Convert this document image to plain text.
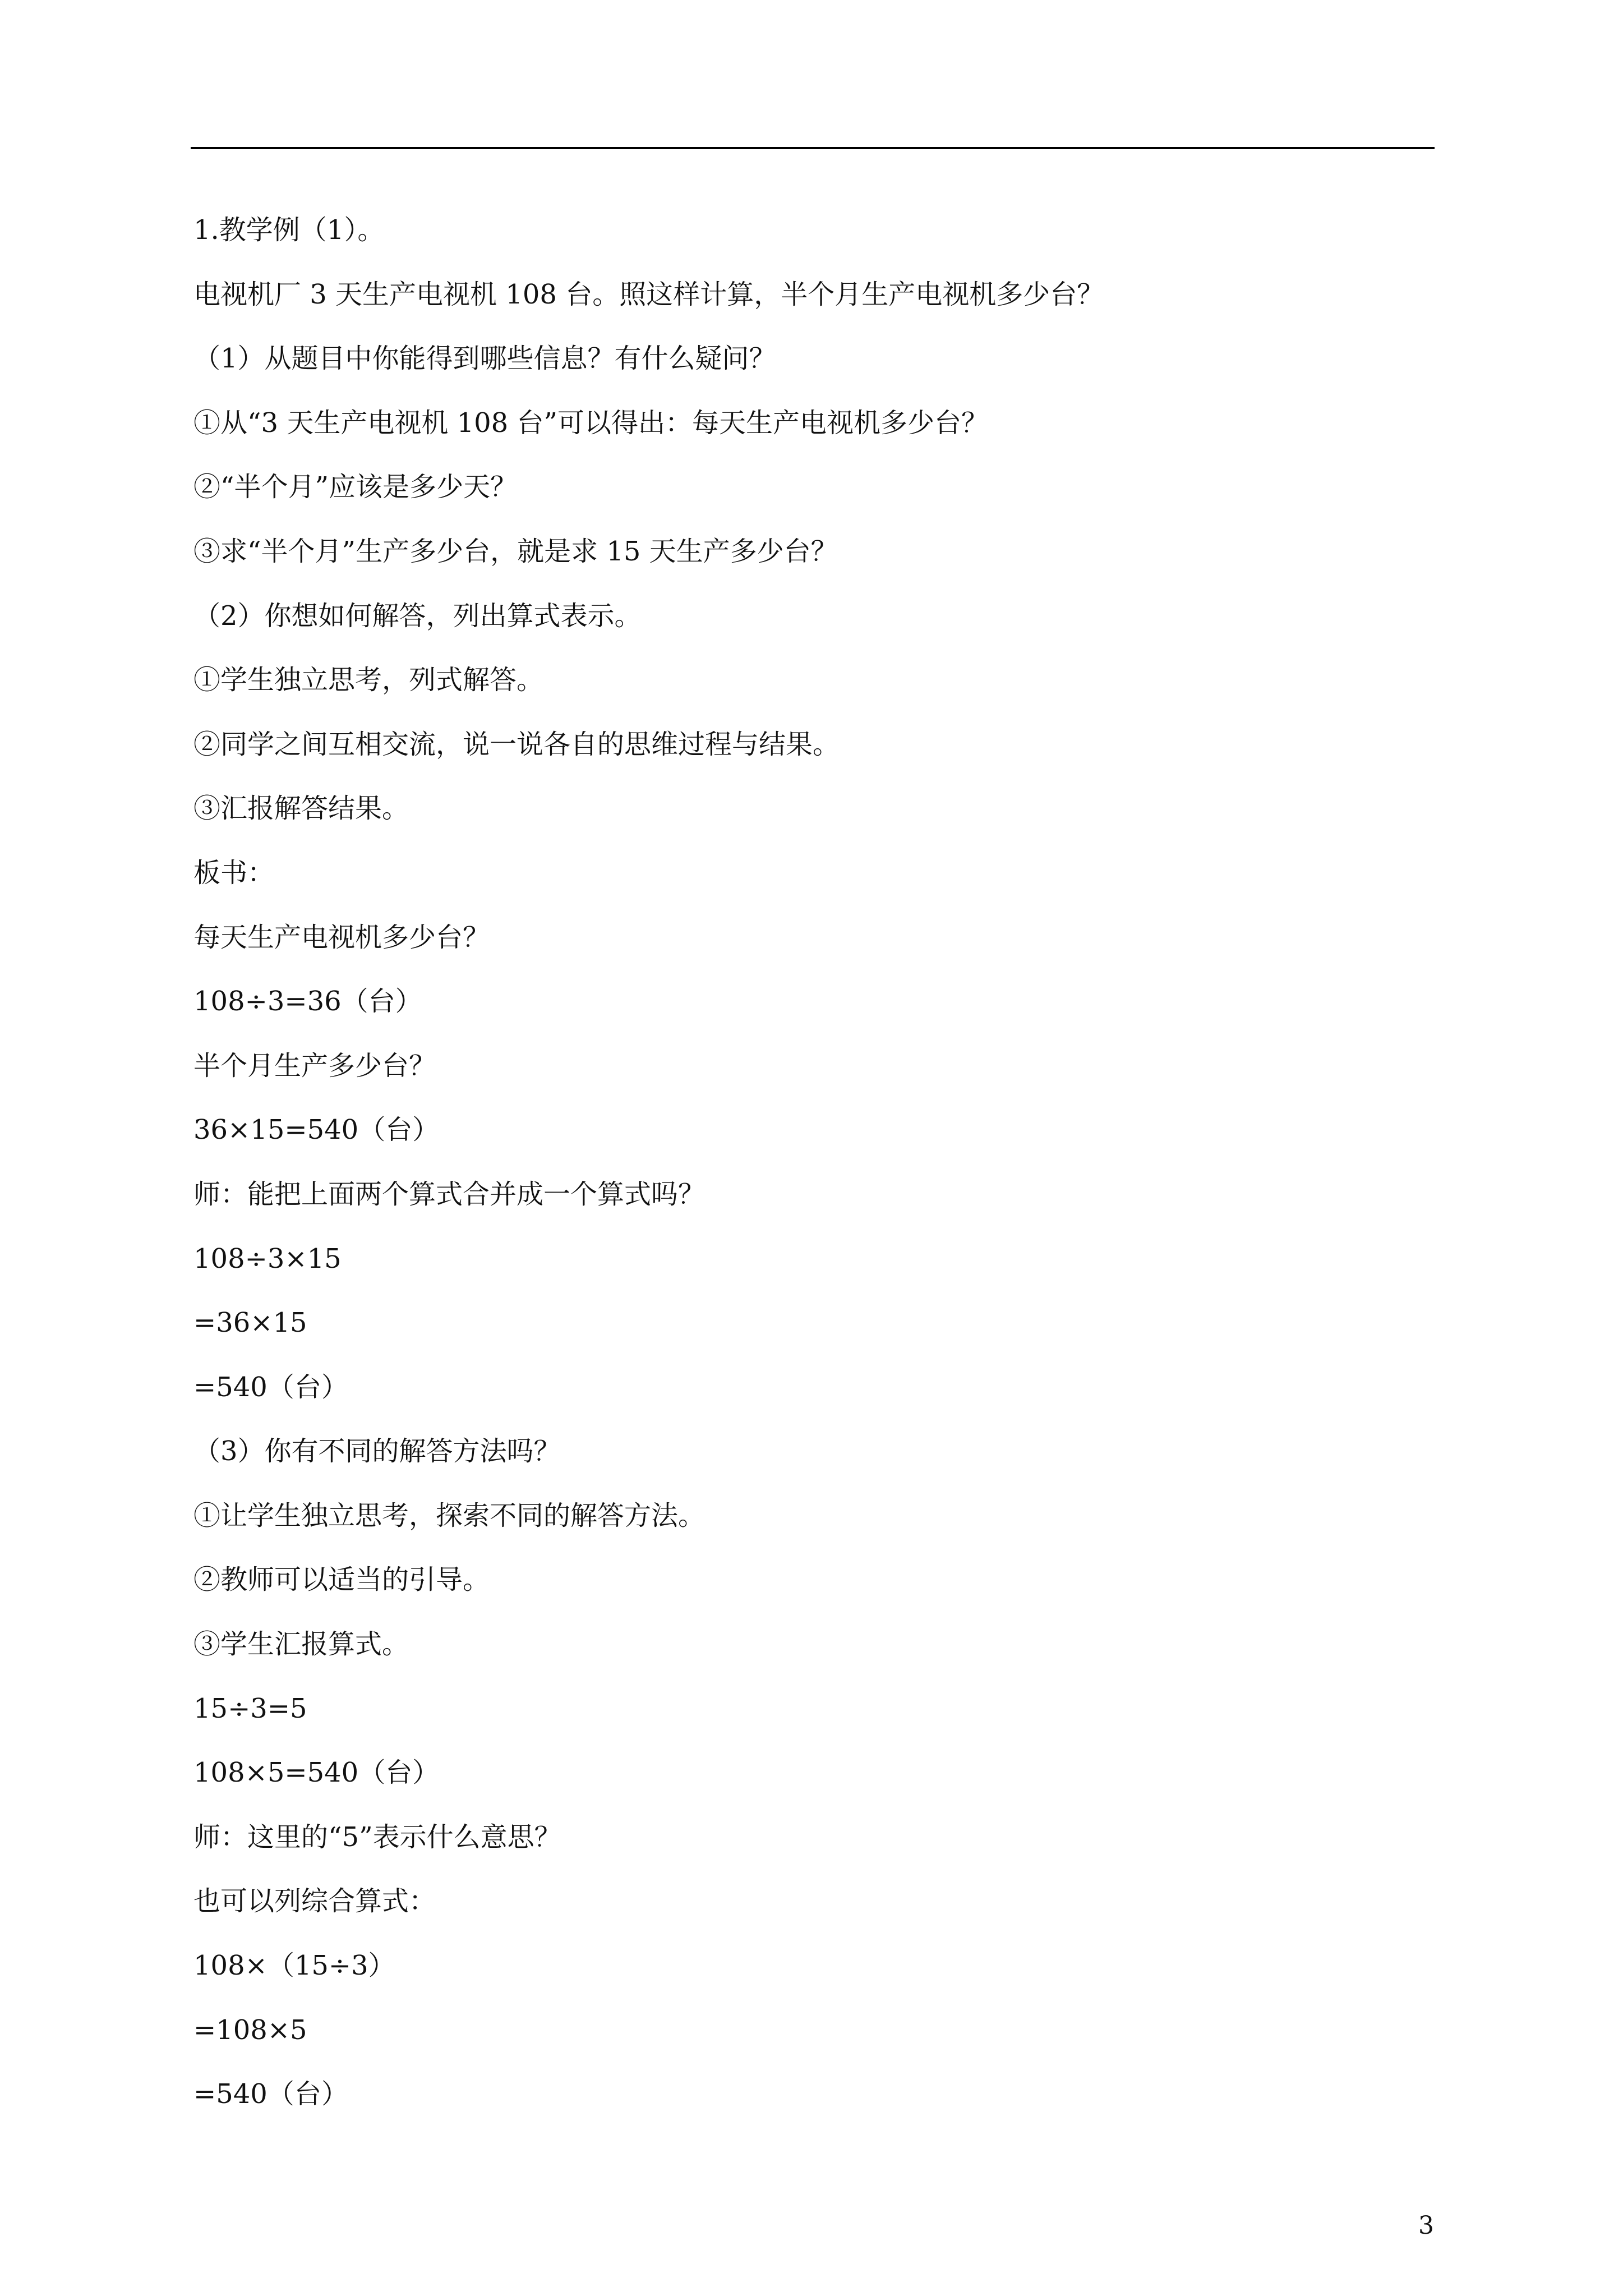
1.教学例（1）。
电视机厂 3 天生产电视机 108 台。照这样计算，半个月生产电视机多少台？
（1）从题目中你能得到哪些信息？有什么疑问？
①从“3 天生产电视机 108 台”可以得出：每天生产电视机多少台？
②“半个月”应该是多少天？
③求“半个月”生产多少台，就是求 15 天生产多少台？
（2）你想如何解答，列出算式表示。
①学生独立思考，列式解答。
②同学之间互相交流，说一说各自的思维过程与结果。
③汇报解答结果。
板书：
每天生产电视机多少台？
108÷3=36（台）
半个月生产多少台？
36×15=540（台）
师：能把上面两个算式合并成一个算式吗？
108÷3×15
=36×15
=540（台）
（3）你有不同的解答方法吗？
①让学生独立思考，探索不同的解答方法。
②教师可以适当的引导。
③学生汇报算式。
15÷3=5
108×5=540（台）
师：这里的“5”表示什么意思？
也可以列综合算式：
108×（15÷3）
=108×5
=540（台）
3
